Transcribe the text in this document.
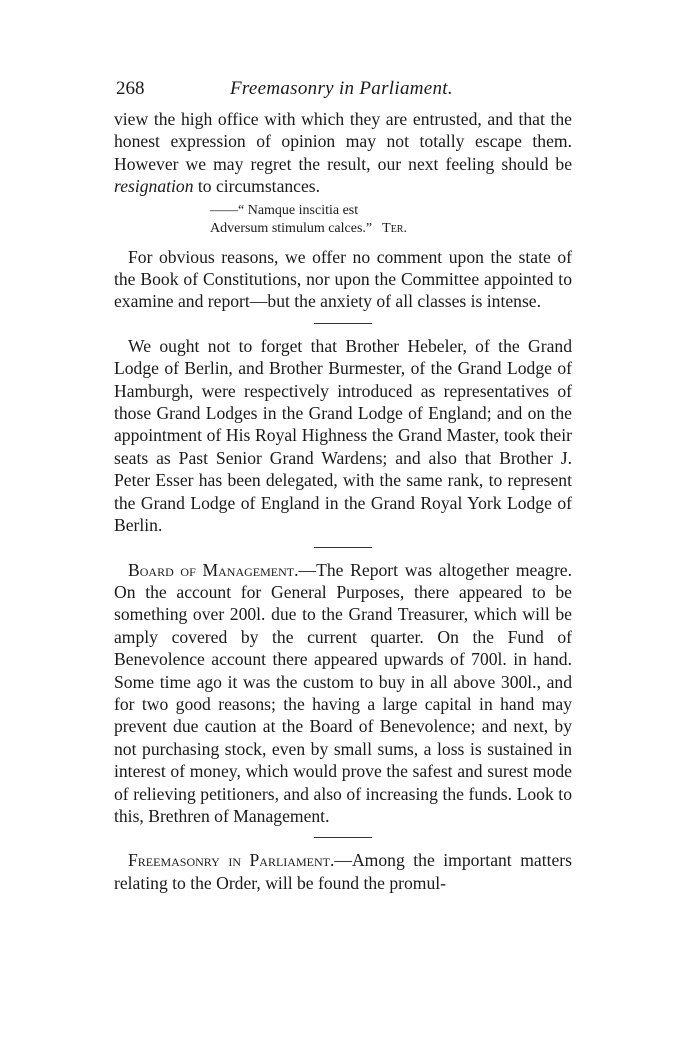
268	Freemasonry in Parliament.

view the high office with which they are entrusted, and that the honest expression of opinion may not totally escape them. However we may regret the result, our next feeling should be resignation to circumstances.

——“ Namque inscitia est
Adversum stimulum calces.” Ter.

For obvious reasons, we offer no comment upon the state of the Book of Constitutions, nor upon the Committee appointed to examine and report—but the anxiety of all classes is intense.

We ought not to forget that Brother Hebeler, of the Grand Lodge of Berlin, and Brother Burmester, of the Grand Lodge of Hamburgh, were respectively introduced as representatives of those Grand Lodges in the Grand Lodge of England; and on the appointment of His Royal Highness the Grand Master, took their seats as Past Senior Grand Wardens; and also that Brother J. Peter Esser has been delegated, with the same rank, to represent the Grand Lodge of England in the Grand Royal York Lodge of Berlin.

Board of Management.—The Report was altogether meagre. On the account for General Purposes, there appeared to be something over 200l. due to the Grand Treasurer, which will be amply covered by the current quarter. On the Fund of Benevolence account there appeared upwards of 700l. in hand. Some time ago it was the custom to buy in all above 300l., and for two good reasons; the having a large capital in hand may prevent due caution at the Board of Benevolence; and next, by not purchasing stock, even by small sums, a loss is sustained in interest of money, which would prove the safest and surest mode of relieving petitioners, and also of increasing the funds. Look to this, Brethren of Management.

Freemasonry in Parliament.—Among the important matters relating to the Order, will be found the promul-
